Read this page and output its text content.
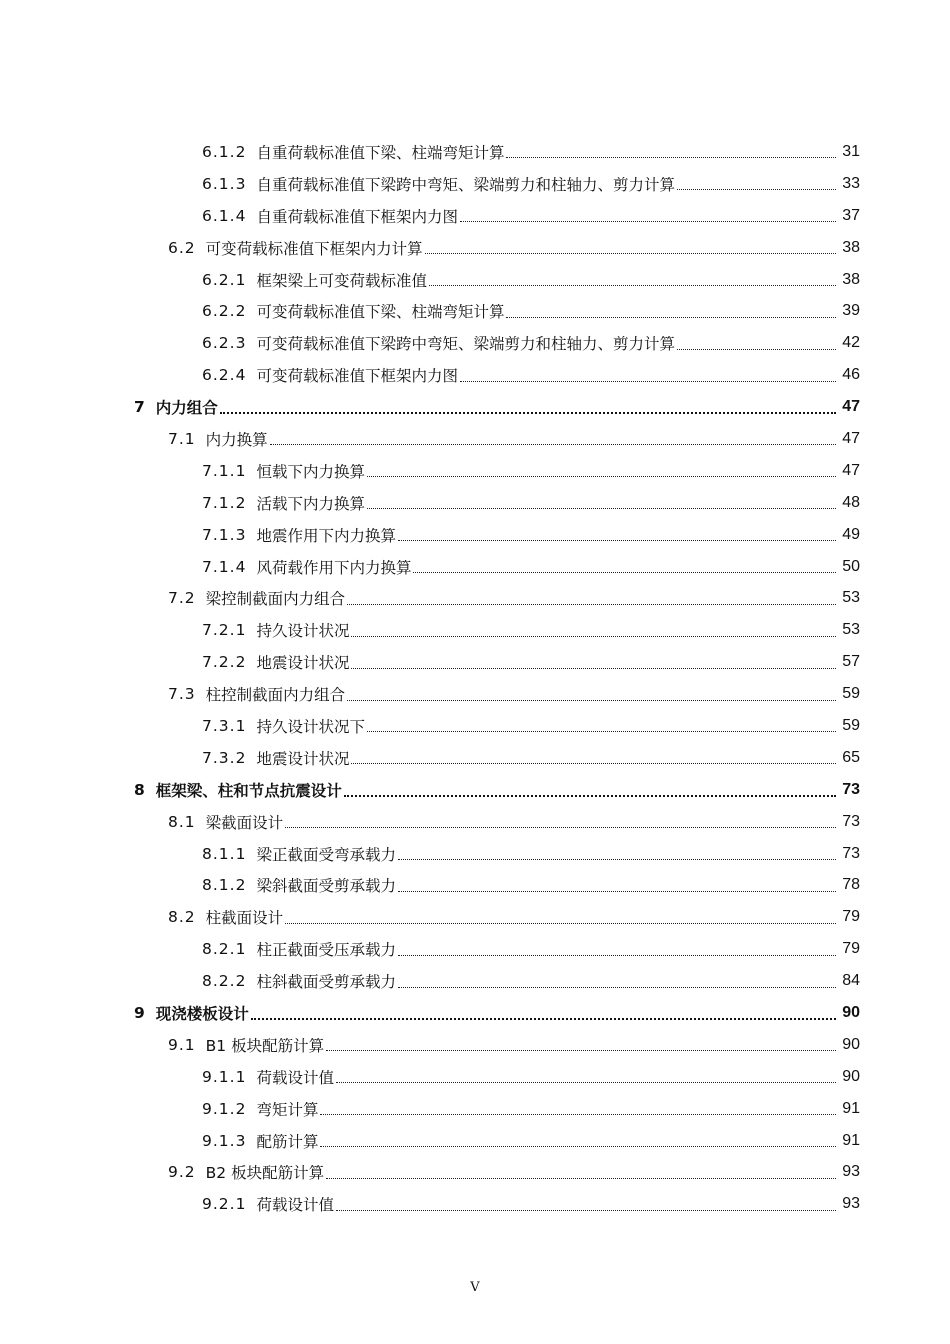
6.1.2 自重荷载标准值下梁、柱端弯矩计算	31
6.1.3 自重荷载标准值下梁跨中弯矩、梁端剪力和柱轴力、剪力计算	33
6.1.4 自重荷载标准值下框架内力图	37
6.2 可变荷载标准值下框架内力计算	38
6.2.1 框架梁上可变荷载标准值	38
6.2.2 可变荷载标准值下梁、柱端弯矩计算	39
6.2.3 可变荷载标准值下梁跨中弯矩、梁端剪力和柱轴力、剪力计算	42
6.2.4 可变荷载标准值下框架内力图	46
7 内力组合	47
7.1 内力换算	47
7.1.1 恒载下内力换算	47
7.1.2 活载下内力换算	48
7.1.3 地震作用下内力换算	49
7.1.4 风荷载作用下内力换算	50
7.2 梁控制截面内力组合	53
7.2.1 持久设计状况	53
7.2.2 地震设计状况	57
7.3 柱控制截面内力组合	59
7.3.1 持久设计状况下	59
7.3.2 地震设计状况	65
8 框架梁、柱和节点抗震设计	73
8.1 梁截面设计	73
8.1.1 梁正截面受弯承载力	73
8.1.2 梁斜截面受剪承载力	78
8.2 柱截面设计	79
8.2.1 柱正截面受压承载力	79
8.2.2 柱斜截面受剪承载力	84
9 现浇楼板设计	90
9.1 B1 板块配筋计算	90
9.1.1 荷载设计值	90
9.1.2 弯矩计算	91
9.1.3 配筋计算	91
9.2 B2 板块配筋计算	93
9.2.1 荷载设计值	93
V
